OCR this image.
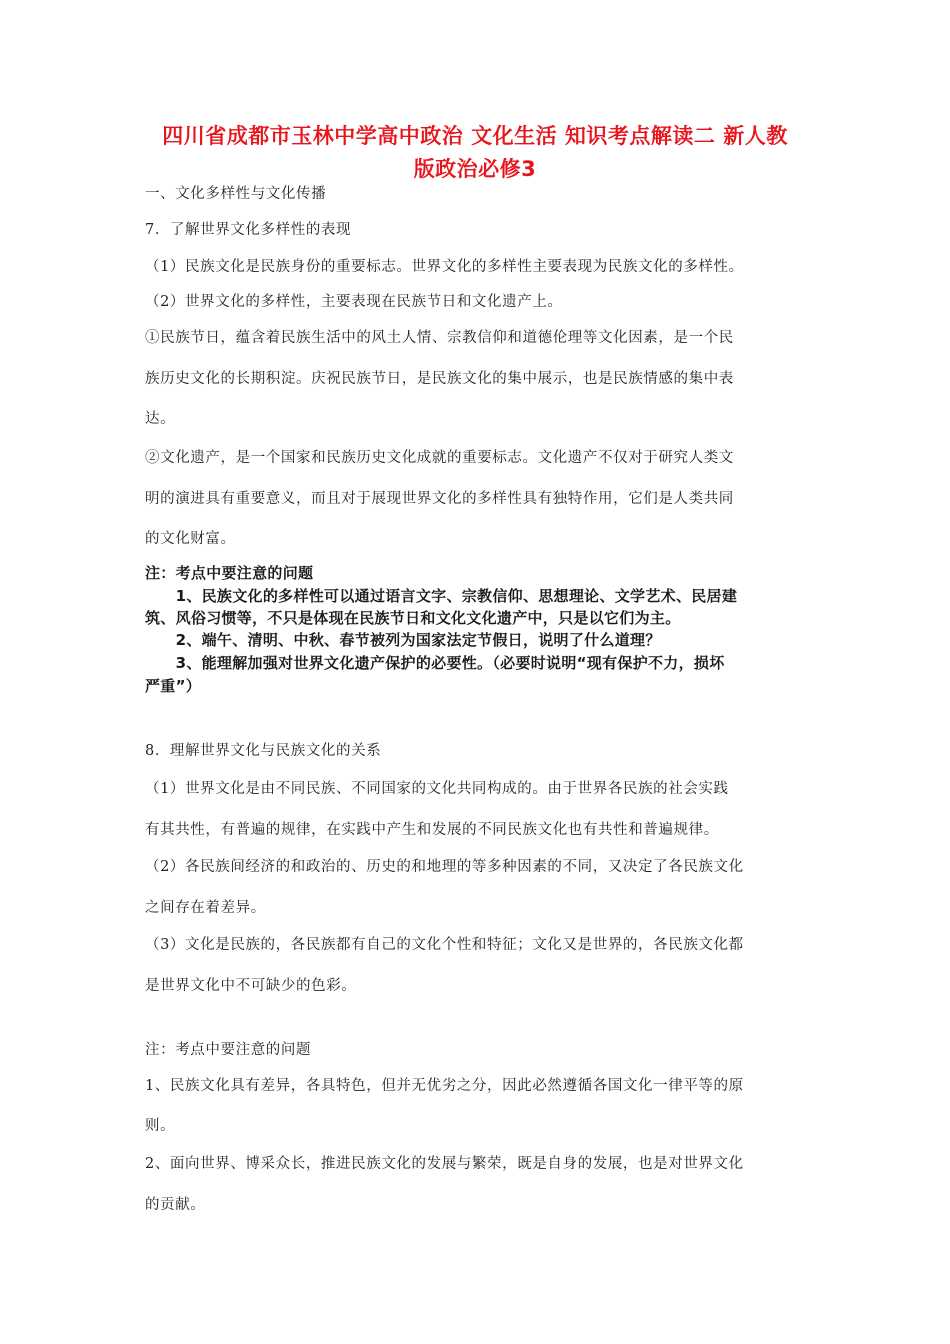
四川省成都市玉林中学高中政治 文化生活 知识考点解读二 新人教
版政治必修3
一、文化多样性与文化传播
7．了解世界文化多样性的表现
（1）民族文化是民族身份的重要标志。世界文化的多样性主要表现为民族文化的多样性。
（2）世界文化的多样性，主要表现在民族节日和文化遗产上。
①民族节日，蕴含着民族生活中的风土人情、宗教信仰和道德伦理等文化因素，是一个民
族历史文化的长期积淀。庆祝民族节日，是民族文化的集中展示，也是民族情感的集中表
达。
②文化遗产，是一个国家和民族历史文化成就的重要标志。文化遗产不仅对于研究人类文
明的演进具有重要意义，而且对于展现世界文化的多样性具有独特作用，它们是人类共同
的文化财富。
注：考点中要注意的问题
　　1、民族文化的多样性可以通过语言文字、宗教信仰、思想理论、文学艺术、民居建
筑、风俗习惯等，不只是体现在民族节日和文化文化遗产中，只是以它们为主。
　　2、端午、清明、中秋、春节被列为国家法定节假日，说明了什么道理？
　　3、能理解加强对世界文化遗产保护的必要性。（必要时说明“现有保护不力，损坏
严重”）
8．理解世界文化与民族文化的关系
（1）世界文化是由不同民族、不同国家的文化共同构成的。由于世界各民族的社会实践
有其共性，有普遍的规律，在实践中产生和发展的不同民族文化也有共性和普遍规律。
（2）各民族间经济的和政治的、历史的和地理的等多种因素的不同，又决定了各民族文化
之间存在着差异。
（3）文化是民族的，各民族都有自己的文化个性和特征；文化又是世界的，各民族文化都
是世界文化中不可缺少的色彩。
注：考点中要注意的问题
1、民族文化具有差异，各具特色，但并无优劣之分，因此必然遵循各国文化一律平等的原
则。
2、面向世界、博采众长，推进民族文化的发展与繁荣，既是自身的发展，也是对世界文化
的贡献。
